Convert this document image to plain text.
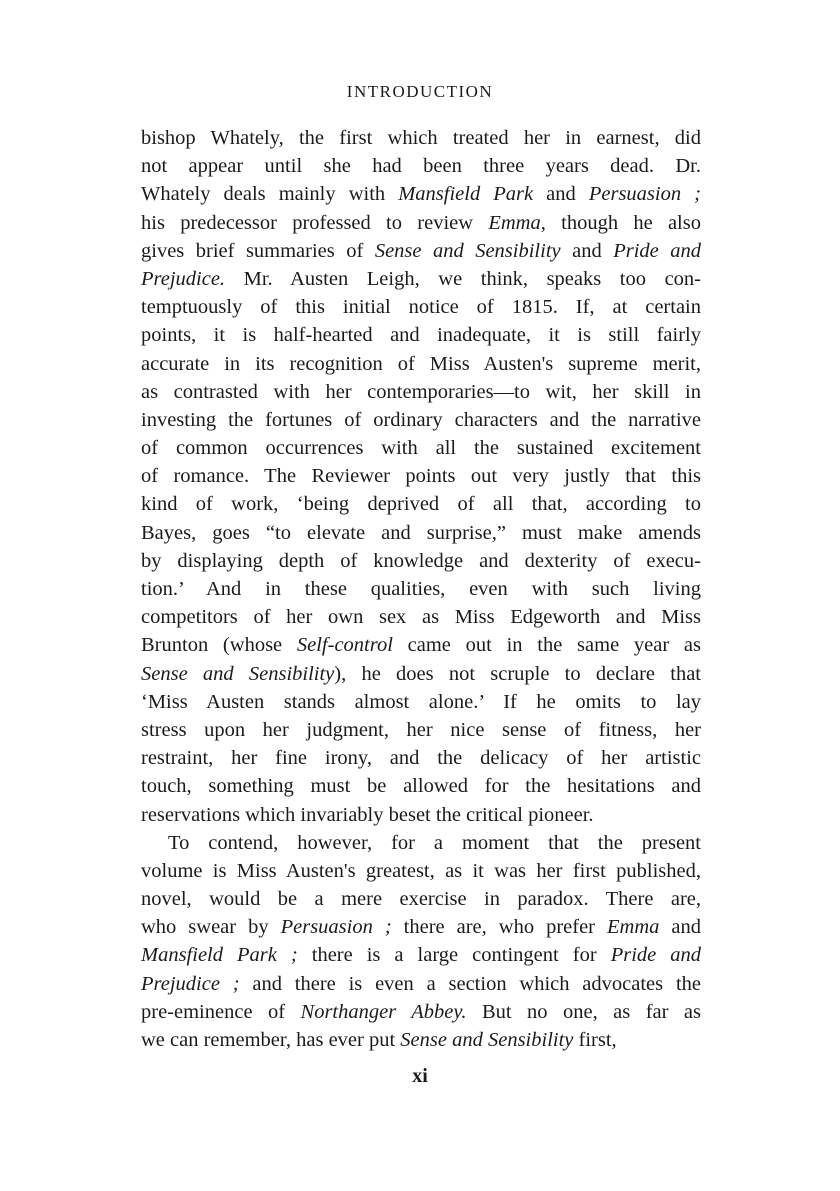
INTRODUCTION
bishop Whately, the first which treated her in earnest, did
not appear until she had been three years dead. Dr.
Whately deals mainly with Mansfield Park and Persuasion ;
his predecessor professed to review Emma, though he also
gives brief summaries of Sense and Sensibility and Pride and
Prejudice. Mr. Austen Leigh, we think, speaks too con-
temptuously of this initial notice of 1815. If, at certain
points, it is half-hearted and inadequate, it is still fairly
accurate in its recognition of Miss Austen's supreme merit,
as contrasted with her contemporaries—to wit, her skill in
investing the fortunes of ordinary characters and the narrative
of common occurrences with all the sustained excitement
of romance. The Reviewer points out very justly that this
kind of work, ‘being deprived of all that, according to
Bayes, goes “to elevate and surprise,” must make amends
by displaying depth of knowledge and dexterity of execu-
tion.’ And in these qualities, even with such living
competitors of her own sex as Miss Edgeworth and Miss
Brunton (whose Self-control came out in the same year as
Sense and Sensibility), he does not scruple to declare that
‘Miss Austen stands almost alone.’ If he omits to lay
stress upon her judgment, her nice sense of fitness, her
restraint, her fine irony, and the delicacy of her artistic
touch, something must be allowed for the hesitations and
reservations which invariably beset the critical pioneer.
To contend, however, for a moment that the present
volume is Miss Austen's greatest, as it was her first published,
novel, would be a mere exercise in paradox. There are,
who swear by Persuasion ; there are, who prefer Emma and
Mansfield Park ; there is a large contingent for Pride and
Prejudice ; and there is even a section which advocates the
pre-eminence of Northanger Abbey. But no one, as far as
we can remember, has ever put Sense and Sensibility first,
xi
